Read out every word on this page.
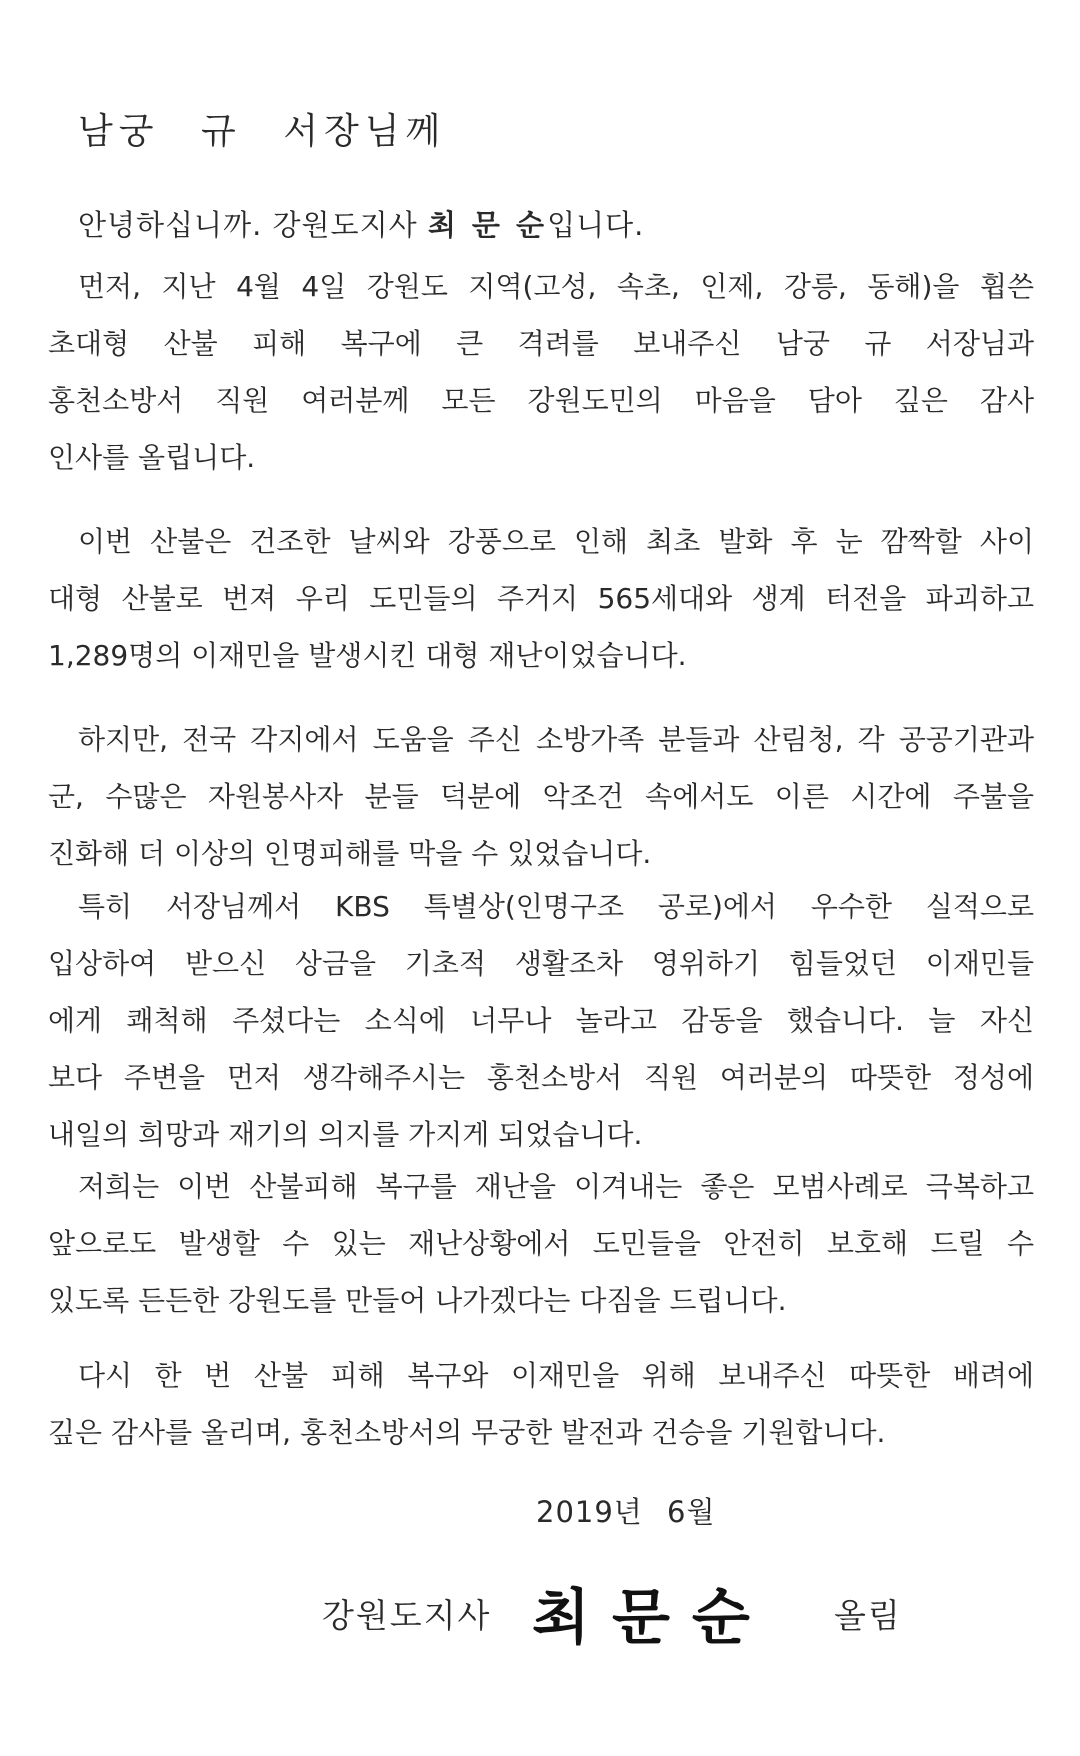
남궁 규 서장님께
안녕하십니까. 강원도지사 최 문 순입니다.
먼저, 지난 4월 4일 강원도 지역(고성, 속초, 인제, 강릉, 동해)을 휩쓴
초대형 산불 피해 복구에 큰 격려를 보내주신 남궁 규 서장님과
홍천소방서 직원 여러분께 모든 강원도민의 마음을 담아 깊은 감사
인사를 올립니다.
이번 산불은 건조한 날씨와 강풍으로 인해 최초 발화 후 눈 깜짝할 사이
대형 산불로 번져 우리 도민들의 주거지 565세대와 생계 터전을 파괴하고
1,289명의 이재민을 발생시킨 대형 재난이었습니다.
하지만, 전국 각지에서 도움을 주신 소방가족 분들과 산림청, 각 공공기관과
군, 수많은 자원봉사자 분들 덕분에 악조건 속에서도 이른 시간에 주불을
진화해 더 이상의 인명피해를 막을 수 있었습니다.
특히 서장님께서 KBS 특별상(인명구조 공로)에서 우수한 실적으로
입상하여 받으신 상금을 기초적 생활조차 영위하기 힘들었던 이재민들
에게 쾌척해 주셨다는 소식에 너무나 놀라고 감동을 했습니다. 늘 자신
보다 주변을 먼저 생각해주시는 홍천소방서 직원 여러분의 따뜻한 정성에
내일의 희망과 재기의 의지를 가지게 되었습니다.
저희는 이번 산불피해 복구를 재난을 이겨내는 좋은 모범사례로 극복하고
앞으로도 발생할 수 있는 재난상황에서 도민들을 안전히 보호해 드릴 수
있도록 든든한 강원도를 만들어 나가겠다는 다짐을 드립니다.
다시 한 번 산불 피해 복구와 이재민을 위해 보내주신 따뜻한 배려에
깊은 감사를 올리며, 홍천소방서의 무궁한 발전과 건승을 기원합니다.
2019년 6월
강원도지사 최문순 올림
